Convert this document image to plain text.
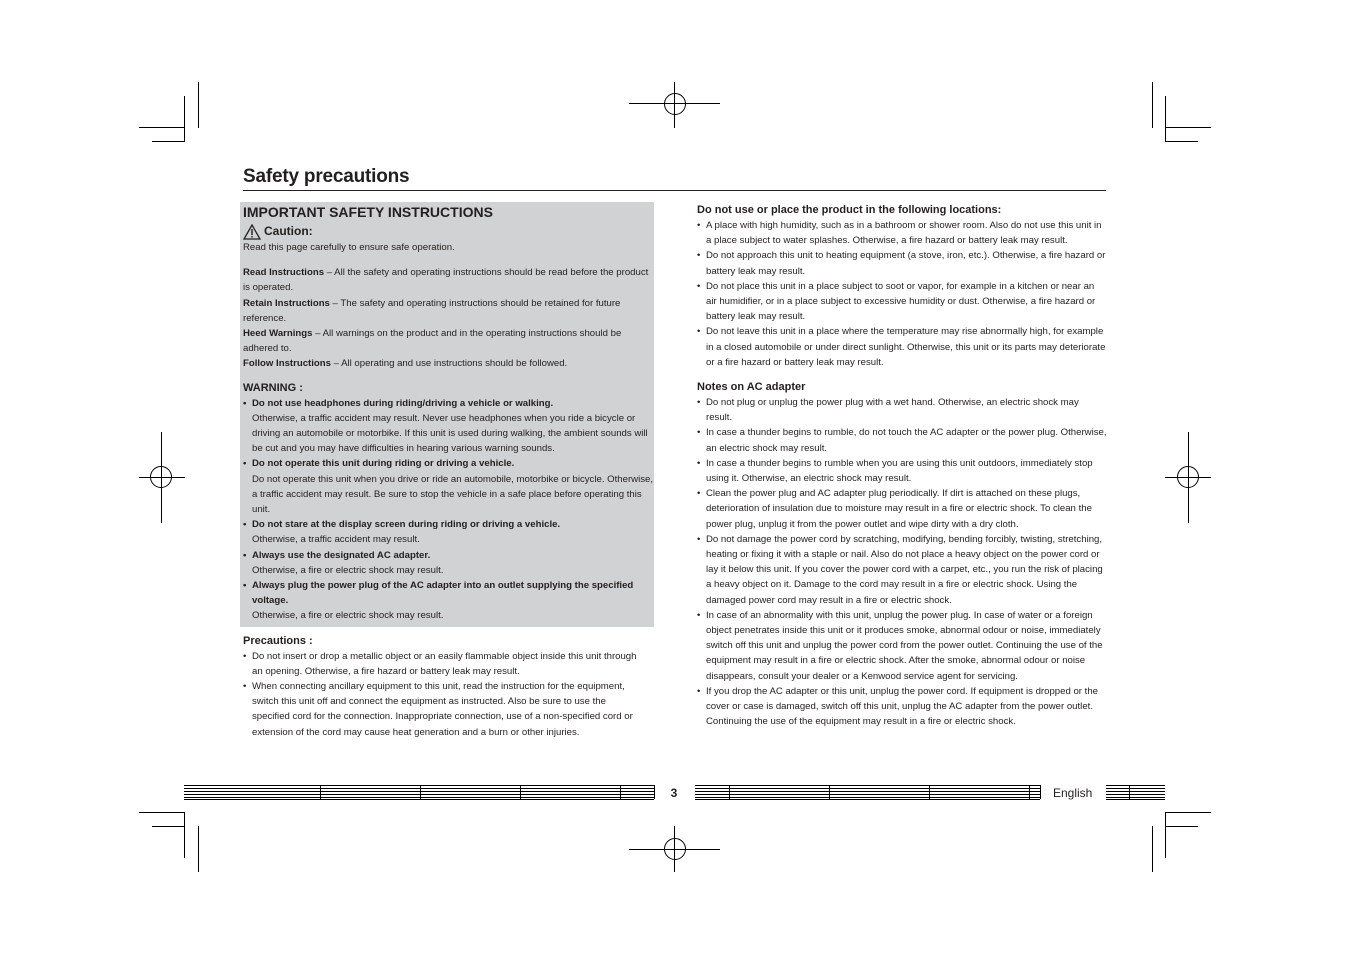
Safety precautions
IMPORTANT SAFETY INSTRUCTIONS
Caution:

Read this page carefully to ensure safe operation.

Read Instructions – All the safety and operating instructions should be read before the product is operated.

Retain Instructions – The safety and operating instructions should be retained for future reference.

Heed Warnings – All warnings on the product and in the operating instructions should be adhered to.

Follow Instructions – All operating and use instructions should be followed.

WARNING :
• Do not use headphones during riding/driving a vehicle or walking.
Otherwise, a traffic accident may result. Never use headphones when you ride a bicycle or driving an automobile or motorbike. If this unit is used during walking, the ambient sounds will be cut and you may have difficulties in hearing various warning sounds.
• Do not operate this unit during riding or driving a vehicle.
Do not operate this unit when you drive or ride an automobile, motorbike or bicycle. Otherwise, a traffic accident may result. Be sure to stop the vehicle in a safe place before operating this unit.
• Do not stare at the display screen during riding or driving a vehicle.
Otherwise, a traffic accident may result.
• Always use the designated AC adapter.
Otherwise, a fire or electric shock may result.
• Always plug the power plug of the AC adapter into an outlet supplying the specified voltage.
Otherwise, a fire or electric shock may result.
Precautions :
• Do not insert or drop a metallic object or an easily flammable object inside this unit through an opening. Otherwise, a fire hazard or battery leak may result.
• When connecting ancillary equipment to this unit, read the instruction for the equipment, switch this unit off and connect the equipment as instructed. Also be sure to use the specified cord for the connection. Inappropriate connection, use of a non-specified cord or extension of the cord may cause heat generation and a burn or other injuries.
Do not use or place the product in the following locations:
• A place with high humidity, such as in a bathroom or shower room. Also do not use this unit in a place subject to water splashes. Otherwise, a fire hazard or battery leak may result.
• Do not approach this unit to heating equipment (a stove, iron, etc.). Otherwise, a fire hazard or battery leak may result.
• Do not place this unit in a place subject to soot or vapor, for example in a kitchen or near an air humidifier, or in a place subject to excessive humidity or dust. Otherwise, a fire hazard or battery leak may result.
• Do not leave this unit in a place where the temperature may rise abnormally high, for example in a closed automobile or under direct sunlight. Otherwise, this unit or its parts may deteriorate or a fire hazard or battery leak may result.
Notes on AC adapter
• Do not plug or unplug the power plug with a wet hand. Otherwise, an electric shock may result.
• In case a thunder begins to rumble, do not touch the AC adapter or the power plug. Otherwise, an electric shock may result.
• In case a thunder begins to rumble when you are using this unit outdoors, immediately stop using it. Otherwise, an electric shock may result.
• Clean the power plug and AC adapter plug periodically. If dirt is attached on these plugs, deterioration of insulation due to moisture may result in a fire or electric shock. To clean the power plug, unplug it from the power outlet and wipe dirty with a dry cloth.
• Do not damage the power cord by scratching, modifying, bending forcibly, twisting, stretching, heating or fixing it with a staple or nail. Also do not place a heavy object on the power cord or lay it below this unit. If you cover the power cord with a carpet, etc., you run the risk of placing a heavy object on it. Damage to the cord may result in a fire or electric shock. Using the damaged power cord may result in a fire or electric shock.
• In case of an abnormality with this unit, unplug the power plug. In case of water or a foreign object penetrates inside this unit or it produces smoke, abnormal odour or noise, immediately switch off this unit and unplug the power cord from the power outlet. Continuing the use of the equipment may result in a fire or electric shock. After the smoke, abnormal odour or noise disappears, consult your dealer or a Kenwood service agent for servicing.
• If you drop the AC adapter or this unit, unplug the power cord. If equipment is dropped or the cover or case is damaged, switch off this unit, unplug the AC adapter from the power outlet. Continuing the use of the equipment may result in a fire or electric shock.
3	English
